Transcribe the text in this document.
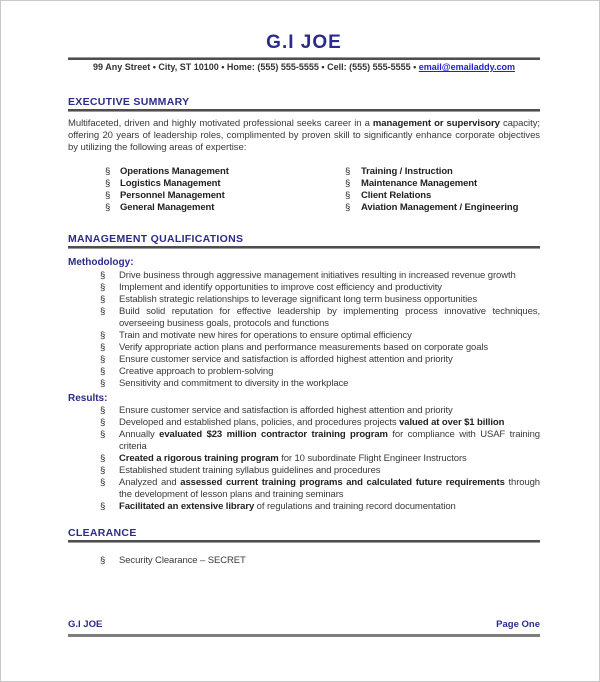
G.I JOE
99 Any Street • City, ST 10100 • Home: (555) 555-5555 • Cell: (555) 555-5555 • email@emailaddy.com
EXECUTIVE SUMMARY
Multifaceted, driven and highly motivated professional seeks career in a management or supervisory capacity; offering 20 years of leadership roles, complimented by proven skill to significantly enhance corporate objectives by utilizing the following areas of expertise:
§	Operations Management
§	Logistics Management
§	Personnel Management
§	General Management
§	Training / Instruction
§	Maintenance Management
§	Client Relations
§	Aviation Management / Engineering
MANAGEMENT QUALIFICATIONS
Methodology:
§	Drive business through aggressive management initiatives resulting in increased revenue growth
§	Implement and identify opportunities to improve cost efficiency and productivity
§	Establish strategic relationships to leverage significant long term business opportunities
§	Build solid reputation for effective leadership by implementing process innovative techniques, overseeing business goals, protocols and functions
§	Train and motivate new hires for operations to ensure optimal efficiency
§	Verify appropriate action plans and performance measurements based on corporate goals
§	Ensure customer service and satisfaction is afforded highest attention and priority
§	Creative approach to problem-solving
§	Sensitivity and commitment to diversity in the workplace
Results:
§	Ensure customer service and satisfaction is afforded highest attention and priority
§	Developed and established plans, policies, and procedures projects valued at over $1 billion
§	Annually evaluated $23 million contractor training program for compliance with USAF training criteria
§	Created a rigorous training program for 10 subordinate Flight Engineer Instructors
§	Established student training syllabus guidelines and procedures
§	Analyzed and assessed current training programs and calculated future requirements through the development of lesson plans and training seminars
§	Facilitated an extensive library of regulations and training record documentation
CLEARANCE
§	Security Clearance – SECRET
G.I JOE	Page One
